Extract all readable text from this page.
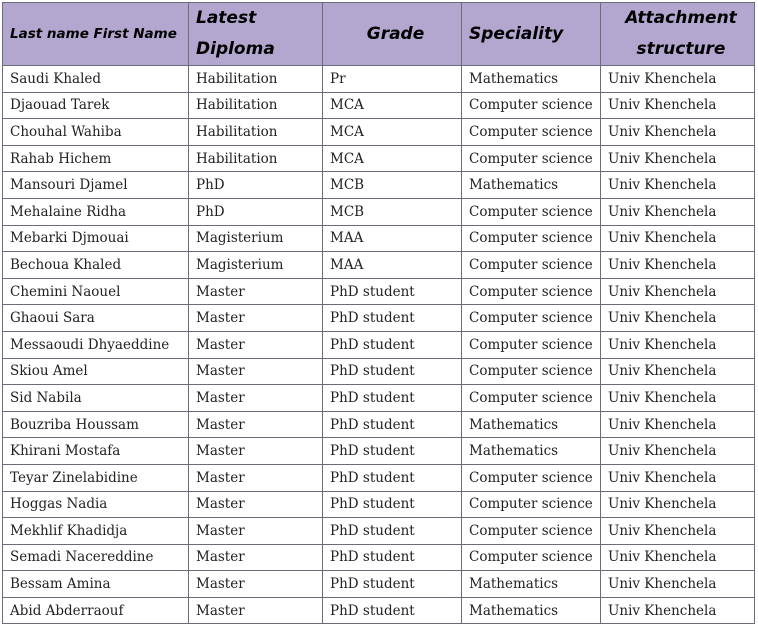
Last name First Name	Latest Diploma	Grade	Speciality	Attachment structure

Saudi Khaled	Habilitation	Pr	Mathematics	Univ Khenchela
Djaouad Tarek	Habilitation	MCA	Computer science	Univ Khenchela
Chouhal Wahiba	Habilitation	MCA	Computer science	Univ Khenchela
Rahab Hichem	Habilitation	MCA	Computer science	Univ Khenchela
Mansouri Djamel	PhD	MCB	Mathematics	Univ Khenchela
Mehalaine Ridha	PhD	MCB	Computer science	Univ Khenchela
Mebarki Djmouai	Magisterium	MAA	Computer science	Univ Khenchela
Bechoua Khaled	Magisterium	MAA	Computer science	Univ Khenchela
Chemini Naouel	Master	PhD student	Computer science	Univ Khenchela
Ghaoui Sara	Master	PhD student	Computer science	Univ Khenchela
Messaoudi Dhyaeddine	Master	PhD student	Computer science	Univ Khenchela
Skiou Amel	Master	PhD student	Computer science	Univ Khenchela
Sid Nabila	Master	PhD student	Computer science	Univ Khenchela
Bouzriba Houssam	Master	PhD student	Mathematics	Univ Khenchela
Khirani Mostafa	Master	PhD student	Mathematics	Univ Khenchela
Teyar Zinelabidine	Master	PhD student	Computer science	Univ Khenchela
Hoggas Nadia	Master	PhD student	Computer science	Univ Khenchela
Mekhlif Khadidja	Master	PhD student	Computer science	Univ Khenchela
Semadi Nacereddine	Master	PhD student	Computer science	Univ Khenchela
Bessam Amina	Master	PhD student	Mathematics	Univ Khenchela
Abid Abderraouf	Master	PhD student	Mathematics	Univ Khenchela
